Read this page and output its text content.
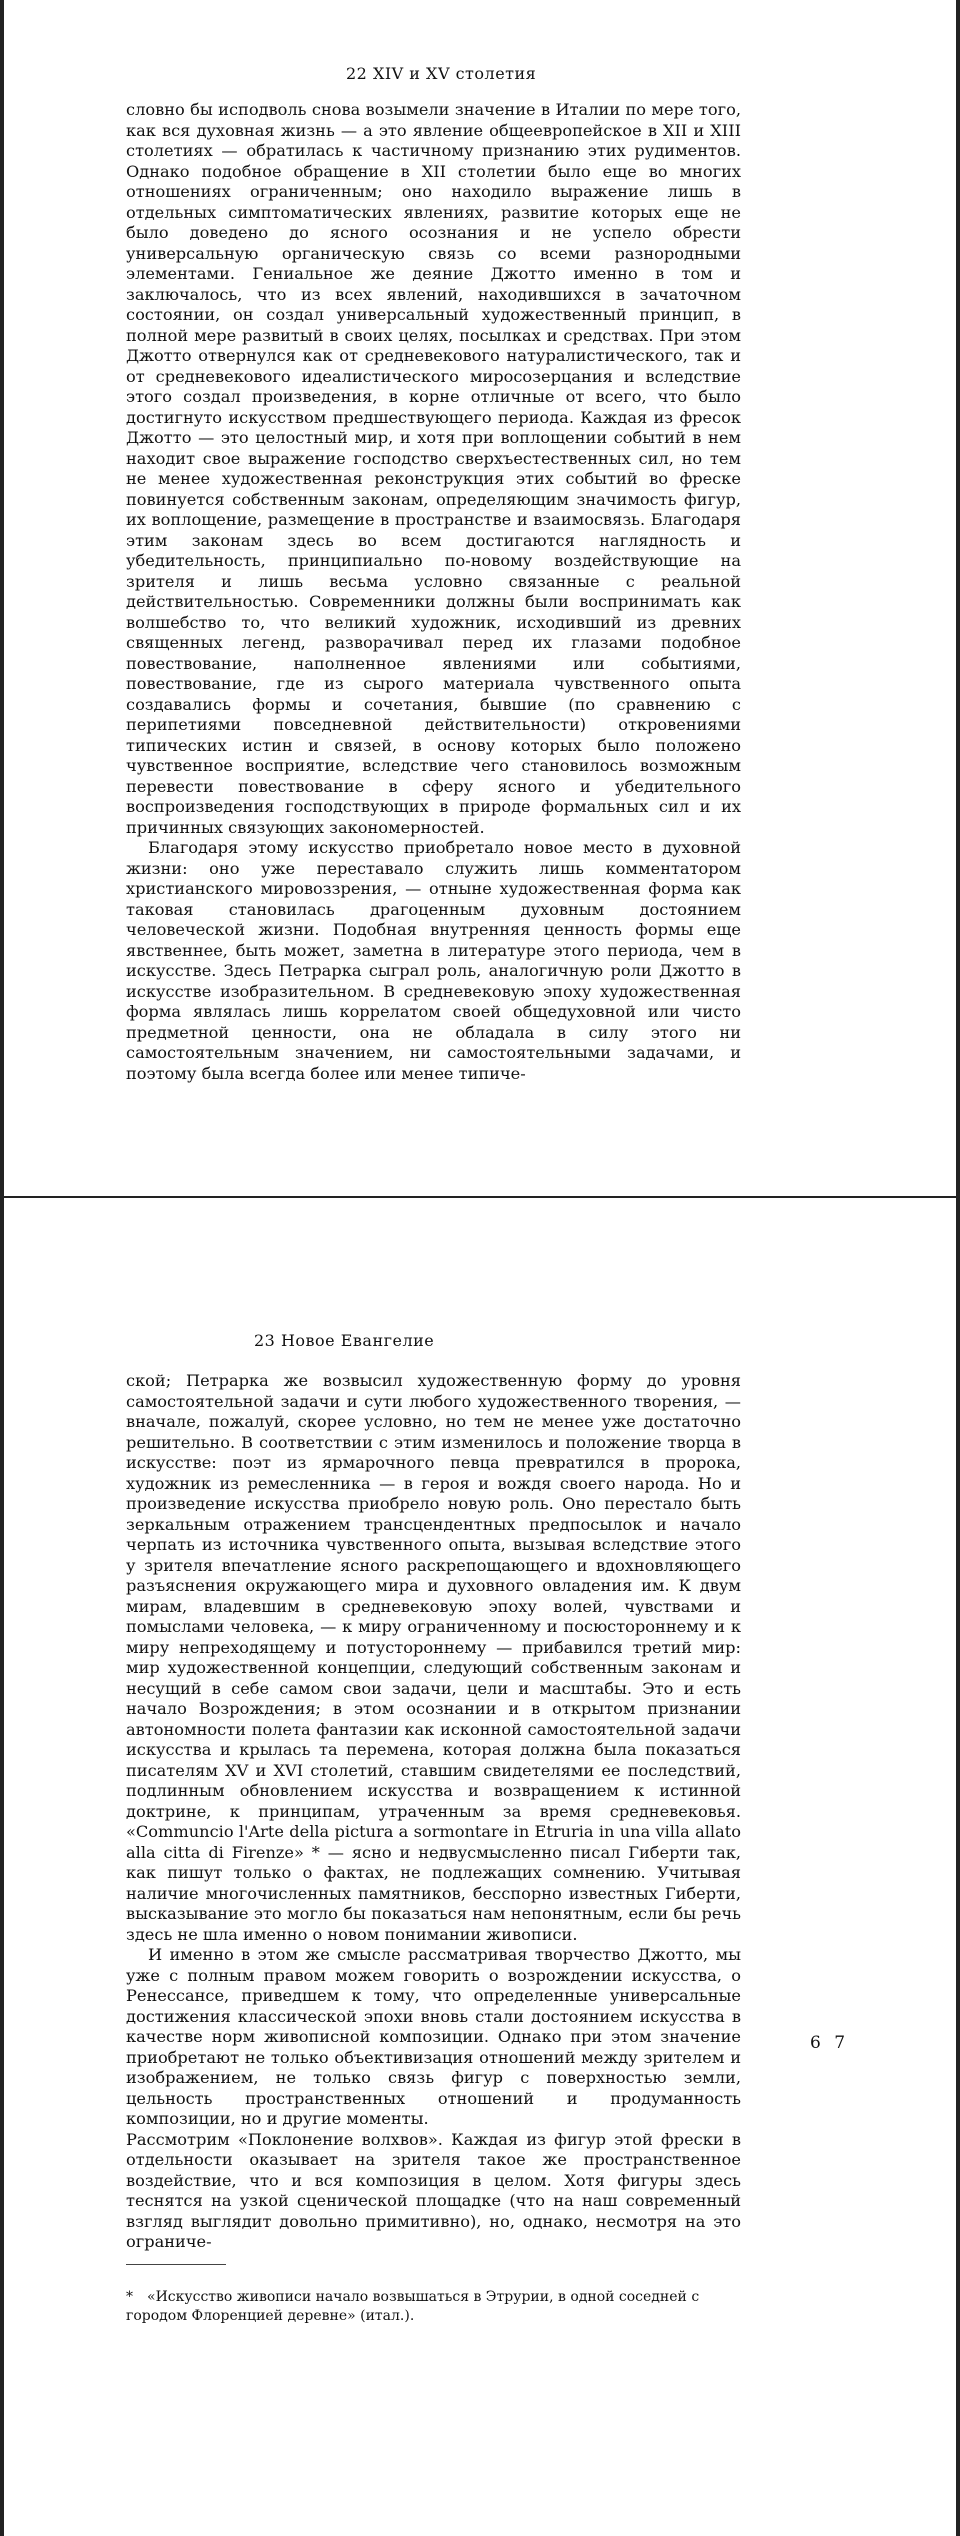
22 XIV и XV столетия

словно бы исподволь снова возымели значение в Италии по мере того, как вся духовная жизнь — а это явление общеевропейское в XII и XIII столетиях — обратилась к частичному признанию этих рудиментов. Однако подобное обращение в XII столетии было еще во многих отношениях ограниченным; оно находило выражение лишь в отдельных симптоматических явлениях, развитие которых еще не было доведено до ясного осознания и не успело обрести универсальную органическую связь со всеми разнородными элементами. Гениальное же деяние Джотто именно в том и заключалось, что из всех явлений, находившихся в зачаточном состоянии, он создал универсальный художественный принцип, в полной мере развитый в своих целях, посылках и средствах. При этом Джотто отвернулся как от средневекового натуралистического, так и от средневекового идеалистического миросозерцания и вследствие этого создал произведения, в корне отличные от всего, что было достигнуто искусством предшествующего периода. Каждая из фресок Джотто — это целостный мир, и хотя при воплощении событий в нем находит свое выражение господство сверхъестественных сил, но тем не менее художественная реконструкция этих событий во фреске повинуется собственным законам, определяющим значимость фигур, их воплощение, размещение в пространстве и взаимосвязь. Благодаря этим законам здесь во всем достигаются наглядность и убедительность, принципиально по-новому воздействующие на зрителя и лишь весьма условно связанные с реальной действительностью. Современники должны были воспринимать как волшебство то, что великий художник, исходивший из древних священных легенд, разворачивал перед их глазами подобное повествование, наполненное явлениями или событиями, повествование, где из сырого материала чувственного опыта создавались формы и сочетания, бывшие (по сравнению с перипетиями повседневной действительности) откровениями типических истин и связей, в основу которых было положено чувственное восприятие, вследствие чего становилось возможным перевести повествование в сферу ясного и убедительного воспроизведения господствующих в природе формальных сил и их причинных связующих закономерностей.

Благодаря этому искусство приобретало новое место в духовной жизни: оно уже переставало служить лишь комментатором христианского мировоззрения, — отныне художественная форма как таковая становилась драгоценным духовным достоянием человеческой жизни. Подобная внутренняя ценность формы еще явственнее, быть может, заметна в литературе этого периода, чем в искусстве. Здесь Петрарка сыграл роль, аналогичную роли Джотто в искусстве изобразительном. В средневековую эпоху художественная форма являлась лишь коррелатом своей общедуховной или чисто предметной ценности, она не обладала в силу этого ни самостоятельным значением, ни самостоятельными задачами, и поэтому была всегда более или менее типиче-

23 Новое Евангелие

ской; Петрарка же возвысил художественную форму до уровня самостоятельной задачи и сути любого художественного творения, — вначале, пожалуй, скорее условно, но тем не менее уже достаточно решительно. В соответствии с этим изменилось и положение творца в искусстве: поэт из ярмарочного певца превратился в пророка, художник из ремесленника — в героя и вождя своего народа. Но и произведение искусства приобрело новую роль. Оно перестало быть зеркальным отражением трансцендентных предпосылок и начало черпать из источника чувственного опыта, вызывая вследствие этого у зрителя впечатление ясного раскрепощающего и вдохновляющего разъяснения окружающего мира и духовного овладения им. К двум мирам, владевшим в средневековую эпоху волей, чувствами и помыслами человека, — к миру ограниченному и посюстороннему и к миру непреходящему и потустороннему — прибавился третий мир: мир художественной концепции, следующий собственным законам и несущий в себе самом свои задачи, цели и масштабы. Это и есть начало Возрождения; в этом осознании и в открытом признании автономности полета фантазии как исконной самостоятельной задачи искусства и крылась та перемена, которая должна была показаться писателям XV и XVI столетий, ставшим свидетелями ее последствий, подлинным обновлением искусства и возвращением к истинной доктрине, к принципам, утраченным за время средневековья. «Communcio l'Arte della pictura a sormontare in Etruria in una villa allato alla citta di Firenze» * — ясно и недвусмысленно писал Гиберти так, как пишут только о фактах, не подлежащих сомнению. Учитывая наличие многочисленных памятников, бесспорно известных Гиберти, высказывание это могло бы показаться нам непонятным, если бы речь здесь не шла именно о новом понимании живописи.

И именно в этом же смысле рассматривая творчество Джотто, мы уже с полным правом можем говорить о возрождении искусства, о Ренессансе, приведшем к тому, что определенные универсальные достижения классической эпохи вновь стали достоянием искусства в качестве норм живописной композиции. Однако при этом значение приобретают не только объективизация отношений между зрителем и изображением, не только связь фигур с поверхностью земли, цельность пространственных отношений и продуманность композиции, но и другие моменты.

Рассмотрим «Поклонение волхвов». Каждая из фигур этой фрески в отдельности оказывает на зрителя такое же пространственное воздействие, что и вся композиция в целом. Хотя фигуры здесь теснятся на узкой сценической площадке (что на наш современный взгляд выглядит довольно примитивно), но, однако, несмотря на это ограниче-

6 7
* «Искусство живописи начало возвышаться в Этрурии, в одной соседней с городом Флоренцией деревне» (итал.).
